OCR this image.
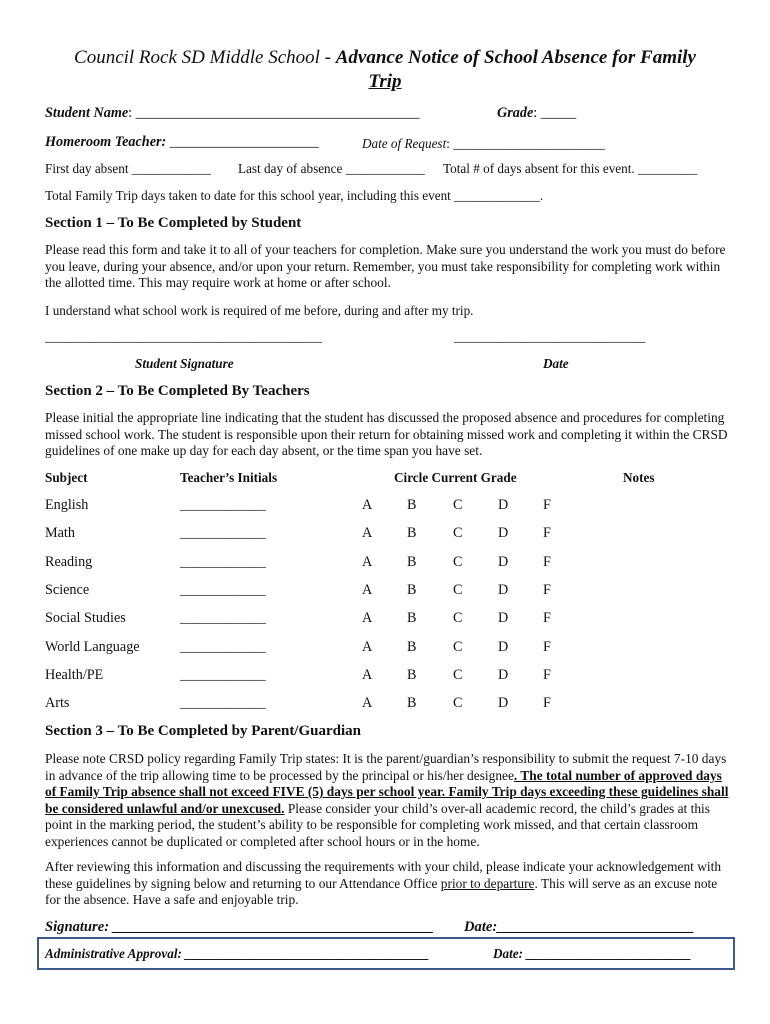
Council Rock SD Middle School - Advance Notice of School Absence for Family
Trip
Student Name: ________________________________________	Grade: _____
Homeroom Teacher: _____________________	Date of Request: _______________________
First day absent ____________ Last day of absence ____________ Total # of days absent for this event. _________
Total Family Trip days taken to date for this school year, including this event _____________.
Section 1 – To Be Completed by Student
Please read this form and take it to all of your teachers for completion. Make sure you understand the work you must do before you leave, during your absence, and/or upon your return. Remember, you must take responsibility for completing work within the allotted time. This may require work at home or after school.
I understand what school work is required of me before, during and after my trip.
__________________________________________	_____________________________
Student Signature	Date
Section 2 – To Be Completed By Teachers
Please initial the appropriate line indicating that the student has discussed the proposed absence and procedures for completing missed school work. The student is responsible upon their return for obtaining missed work and completing it within the CRSD guidelines of one make up day for each day absent, or the time span you have set.
Subject	Teacher’s Initials	Circle Current Grade	Notes
English	_____________	A B	C	D F
Math	_____________	A B	C	D F
Reading	_____________	A B	C	D F
Science	_____________	A B	C	D F
Social Studies	_____________	A B	C	D F
World Language	_____________	A B	C	D F
Health/PE	_____________	A B	C	D F
Arts	_____________	A B	C	D F
Section 3 – To Be Completed by Parent/Guardian
Please note CRSD policy regarding Family Trip states: It is the parent/guardian’s responsibility to submit the request 7-10 days in advance of the trip allowing time to be processed by the principal or his/her designee. The total number of approved days of Family Trip absence shall not exceed FIVE (5) days per school year. Family Trip days exceeding these guidelines shall be considered unlawful and/or unexcused. Please consider your child’s over-all academic record, the child’s grades at this point in the marking period, the student’s ability to be responsible for completing work missed, and that certain classroom experiences cannot be duplicated or completed after school hours or in the home.
After reviewing this information and discussing the requirements with your child, please indicate your acknowledgement with these guidelines by signing below and returning to our Attendance Office prior to departure. This will serve as an excuse note for the absence. Have a safe and enjoyable trip.
Signature: ____________________________________________ Date:___________________________
Administrative Approval: _____________________________________	Date: _________________________
